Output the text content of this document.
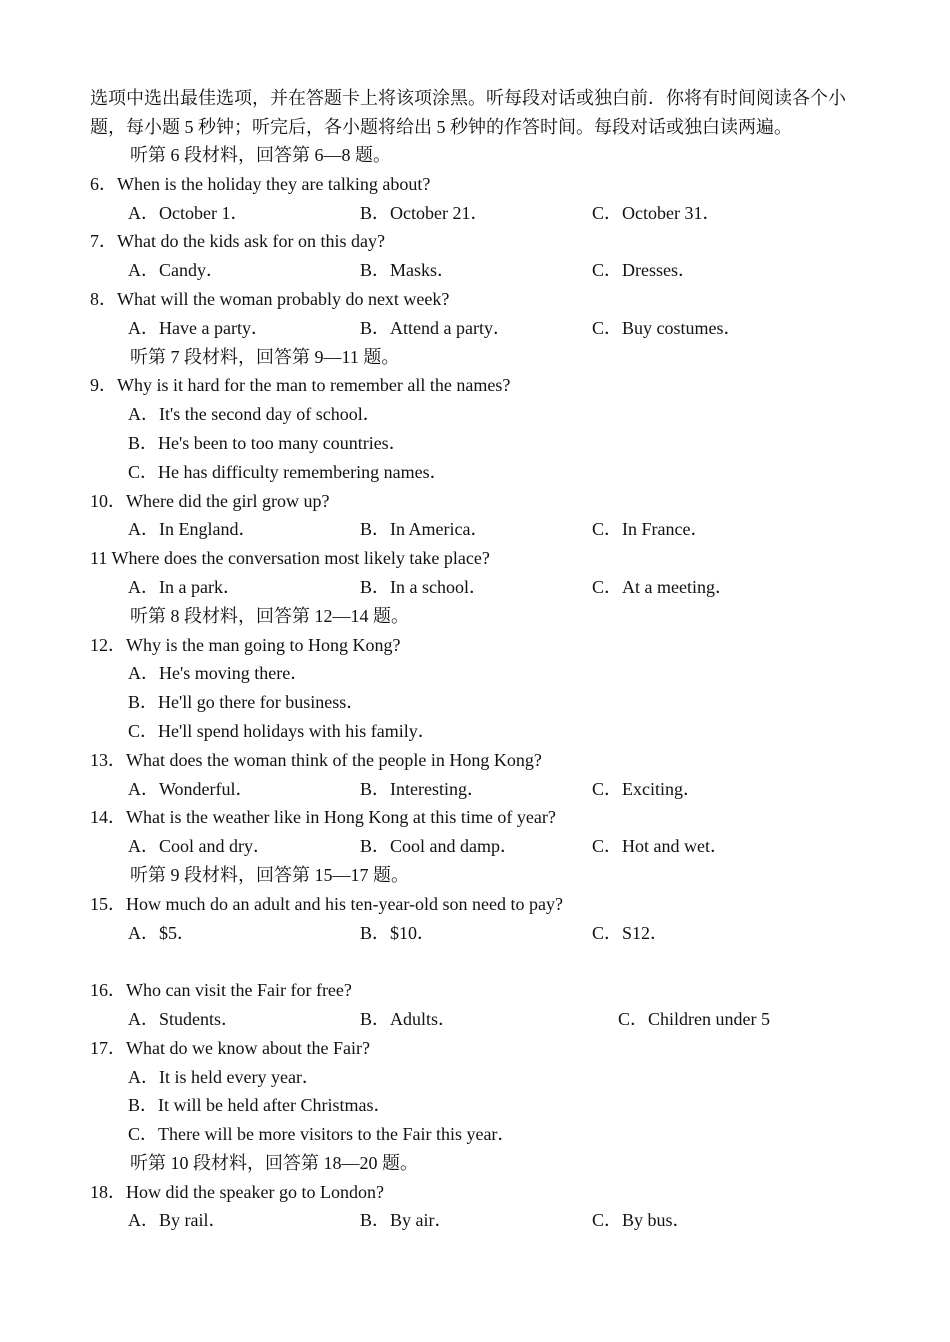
选项中选出最佳选项，并在答题卡上将该项涂黑。听每段对话或独白前．你将有时间阅读各个小题，每小题 5 秒钟；听完后，各小题将给出 5 秒钟的作答时间。每段对话或独白读两遍。

听第 6 段材料，回答第 6—8 题。
6．When is the holiday they are talking about?
A．October 1．	B．October 21．	C．October 31．
7．What do the kids ask for on this day?
A．Candy．	B．Masks．	C．Dresses．
8．What will the woman probably do next week?
A．Have a party．	B．Attend a party．	C．Buy costumes．
听第 7 段材料，回答第 9—11 题。
9．Why is it hard for the man to remember all the names?
A．It's the second day of school．
B．He's been to too many countries．
C．He has difficulty remembering names．
10．Where did the girl grow up?
A．In England．	B．In America．	C．In France．
11 Where does the conversation most likely take place?
A．In a park．	B．In a school．	C．At a meeting．
听第 8 段材料，回答第 12—14 题。
12．Why is the man going to Hong Kong?
A．He's moving there．
B．He'll go there for business．
C．He'll spend holidays with his family．
13．What does the woman think of the people in Hong Kong?
A．Wonderful．	B．Interesting．	C．Exciting．
14．What is the weather like in Hong Kong at this time of year?
A．Cool and dry．	B．Cool and damp．	C．Hot and wet．
听第 9 段材料，回答第 15—17 题。
15．How much do an adult and his ten-year-old son need to pay?
A．$5．	B．$10．	C．S12．
16．Who can visit the Fair for free?
A．Students．	B．Adults．	C．Children under 5
17．What do we know about the Fair?
A．It is held every year．
B．It will be held after Christmas．
C．There will be more visitors to the Fair this year．
听第 10 段材料，回答第 18—20 题。
18．How did the speaker go to London?
A．By rail．	B．By air．	C．By bus．
